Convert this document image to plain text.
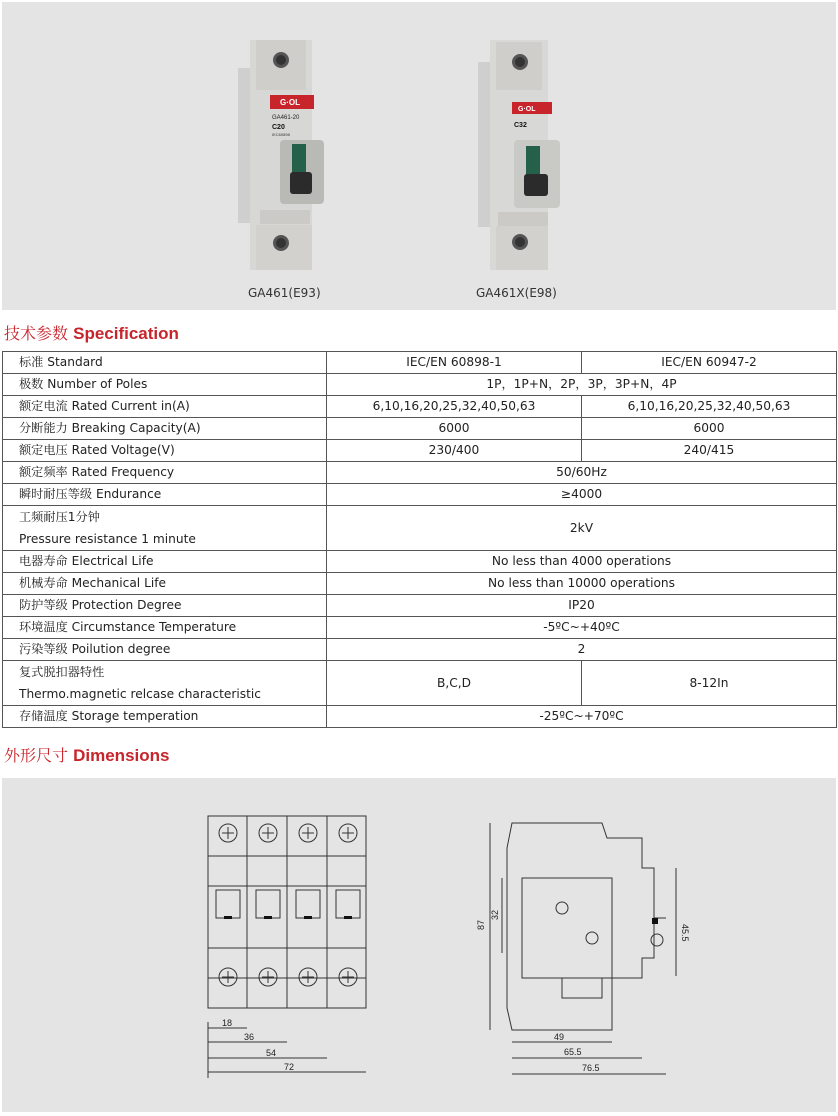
G·OL
GA461-20
C20
IEC60898
G·OL
C32
GA461(E93)	GA461X(E98)
技术参数 Specification
标准 Standard	IEC/EN 60898-1	IEC/EN 60947-2
极数 Number of Poles	1P，1P+N，2P，3P，3P+N，4P	
额定电流 Rated Current in(A)	6,10,16,20,25,32,40,50,63	6,10,16,20,25,32,40,50,63
分断能力 Breaking Capacity(A)	6000	6000
额定电压 Rated Voltage(V)	230/400	240/415
额定频率 Rated Frequency	50/60Hz	
瞬时耐压等级 Endurance	≥4000	

工频耐压1分钟
Pressure resistance 1 minute	2kV	
电器寿命 Electrical Life	No less than 4000 operations	
机械寿命 Mechanical Life	No less than 10000 operations	
防护等级 Protection Degree	IP20	
环境温度 Circumstance Temperature	-5ºC~+40ºC	
污染等级 Poilution degree	2	

复式脱扣器特性
Thermo.magnetic relcase characteristic	B,C,D	8-12In
存储温度 Storage temperation	-25ºC~+70ºC	
外形尺寸 Dimensions
18
36
54
72
87
32
45.5
49
65.5
76.5
